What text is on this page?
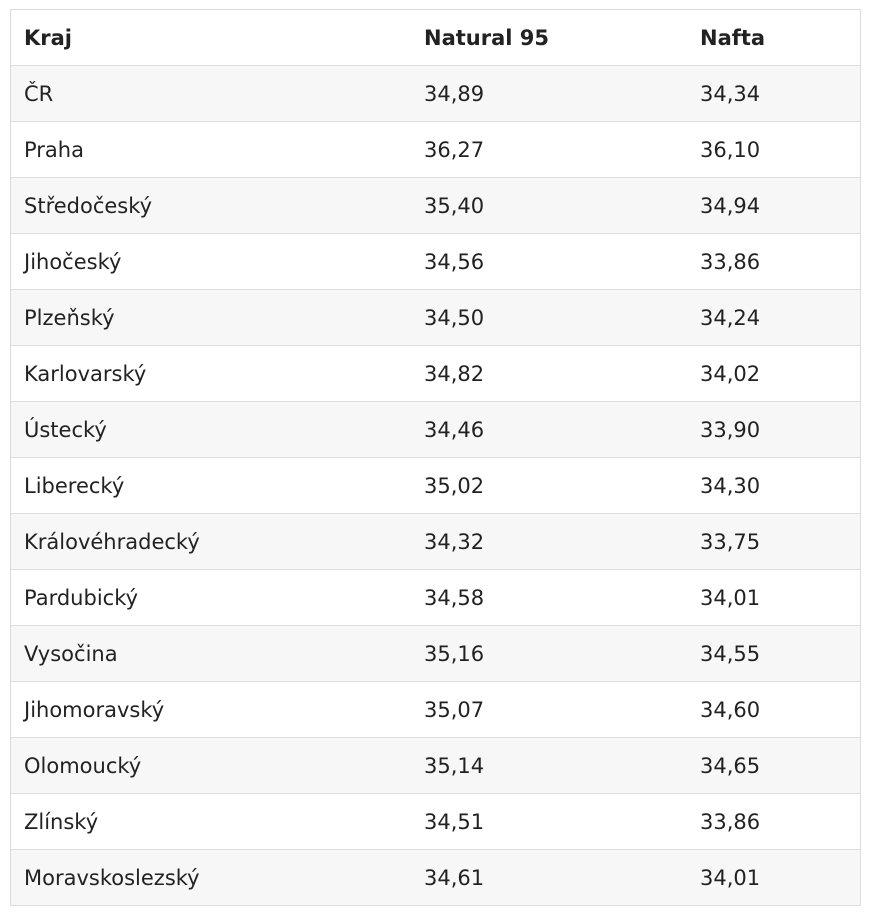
Kraj	Natural 95	Nafta
ČR	34,89	34,34
Praha	36,27	36,10
Středočeský	35,40	34,94
Jihočeský	34,56	33,86
Plzeňský	34,50	34,24
Karlovarský	34,82	34,02
Ústecký	34,46	33,90
Liberecký	35,02	34,30
Královéhradecký	34,32	33,75
Pardubický	34,58	34,01
Vysočina	35,16	34,55
Jihomoravský	35,07	34,60
Olomoucký	35,14	34,65
Zlínský	34,51	33,86
Moravskoslezský	34,61	34,01
